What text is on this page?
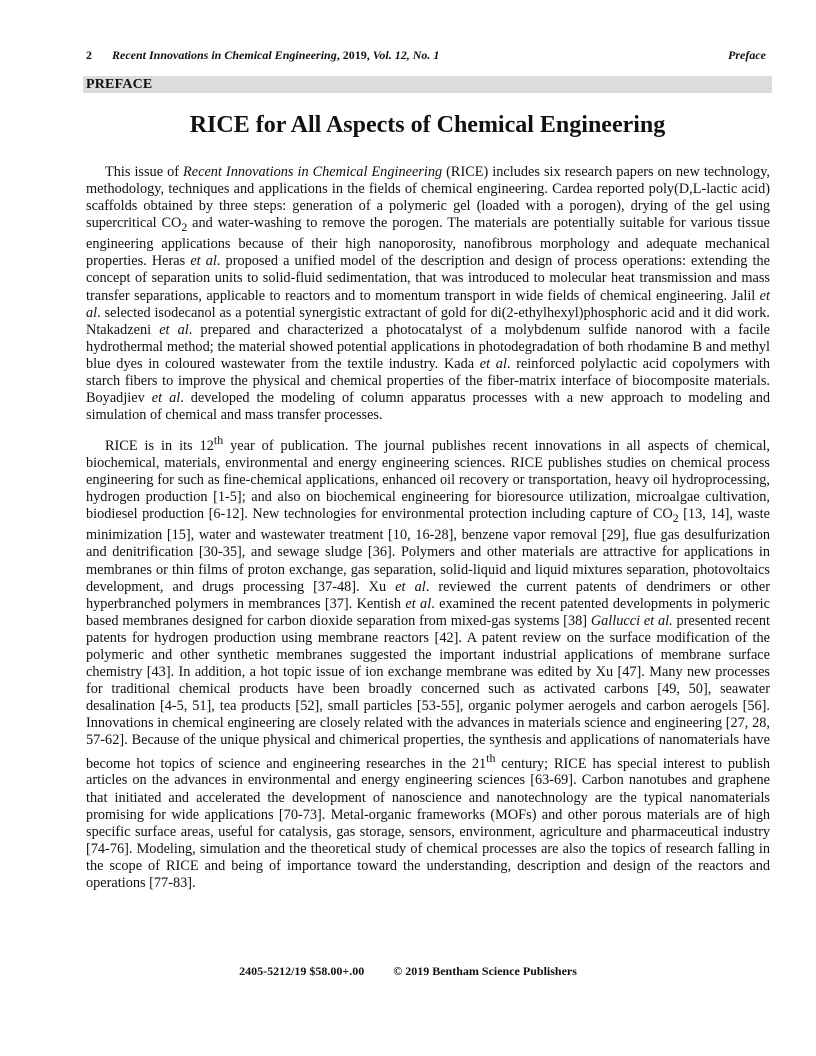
2 Recent Innovations in Chemical Engineering, 2019, Vol. 12, No. 1	Preface
PREFACE
RICE for All Aspects of Chemical Engineering

This issue of Recent Innovations in Chemical Engineering (RICE) includes six research papers on new technology, methodology, techniques and applications in the fields of chemical engineering. Cardea reported poly(D,L-lactic acid) scaffolds obtained by three steps: generation of a polymeric gel (loaded with a porogen), drying of the gel using supercritical $CO_2$ and water-washing to remove the porogen. The materials are potentially suitable for various tissue engineering applications because of their high nanoporosity, nanofibrous morphology and adequate mechanical properties. Heras et al. proposed a unified model of the description and design of process operations: extending the concept of separation units to solid-fluid sedimentation, that was introduced to molecular heat transmission and mass transfer separations, applicable to reactors and to momentum transport in wide fields of chemical engineering. Jalil et al. selected isodecanol as a potential synergistic extractant of gold for di(2-ethylhexyl)phosphoric acid and it did work. Ntakadzeni et al. prepared and characterized a photocatalyst of a molybdenum sulfide nanorod with a facile hydrothermal method; the material showed potential applications in photodegradation of both rhodamine B and methyl blue dyes in coloured wastewater from the textile industry. Kada et al. reinforced polylactic acid copolymers with starch fibers to improve the physical and chemical properties of the fiber-matrix interface of biocomposite materials. Boyadjiev et al. developed the modeling of column apparatus processes with a new approach to modeling and simulation of chemical and mass transfer processes.

RICE is in its 12th year of publication. The journal publishes recent innovations in all aspects of chemical, biochemical, materials, environmental and energy engineering sciences. RICE publishes studies on chemical process engineering for such as fine-chemical applications, enhanced oil recovery or transportation, heavy oil hydroprocessing, hydrogen production [1-5]; and also on biochemical engineering for bioresource utilization, microalgae cultivation, biodiesel production [6-12]. New technologies for environmental protection including capture of $CO_2$ [13, 14], waste minimization [15], water and wastewater treatment [10, 16-28], benzene vapor removal [29], flue gas desulfurization and denitrification [30-35], and sewage sludge [36]. Polymers and other materials are attractive for applications in membranes or thin films of proton exchange, gas separation, solid-liquid and liquid mixtures separation, photovoltaics development, and drugs processing [37-48]. Xu et al. reviewed the current patents of dendrimers or other hyperbranched polymers in membrances [37]. Kentish et al. examined the recent patented developments in polymeric based membranes designed for carbon dioxide separation from mixed-gas systems [38] Gallucci et al. presented recent patents for hydrogen production using membrane reactors [42]. A patent review on the surface modification of the polymeric and other synthetic membranes suggested the important industrial applications of membrane surface chemistry [43]. In addition, a hot topic issue of ion exchange membrane was edited by Xu [47]. Many new processes for traditional chemical products have been broadly concerned such as activated carbons [49, 50], seawater desalination [4-5, 51], tea products [52], small particles [53-55], organic polymer aerogels and carbon aerogels [56]. Innovations in chemical engineering are closely related with the advances in materials science and engineering [27, 28, 57-62]. Because of the unique physical and chimerical properties, the synthesis and applications of nanomaterials have become hot topics of science and engineering researches in the 21th century; RICE has special interest to publish articles on the advances in environmental and energy engineering sciences [63-69]. Carbon nanotubes and graphene that initiated and accelerated the development of nanoscience and nanotechnology are the typical nanomaterials promising for wide applications [70-73]. Metal-organic frameworks (MOFs) and other porous materials are of high specific surface areas, useful for catalysis, gas storage, sensors, environment, agriculture and pharmaceutical industry [74-76]. Modeling, simulation and the theoretical study of chemical processes are also the topics of research falling in the scope of RICE and being of importance toward the understanding, description and design of the reactors and operations [77-83].

2405-5212/19 $58.00+.00 © 2019 Bentham Science Publishers
